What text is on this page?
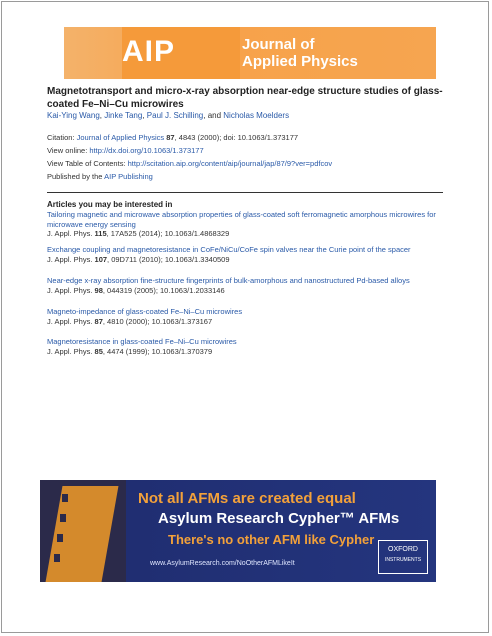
AIP	Journal of
Applied Physics
Magnetotransport and micro-x-ray absorption near-edge structure studies of glass-coated Fe–Ni–Cu microwires
Kai-Ying Wang, Jinke Tang, Paul J. Schilling, and Nicholas Moelders
Citation: Journal of Applied Physics 87, 4843 (2000); doi: 10.1063/1.373177
View online: http://dx.doi.org/10.1063/1.373177
View Table of Contents: http://scitation.aip.org/content/aip/journal/jap/87/9?ver=pdfcov
Published by the AIP Publishing
Articles you may be interested in
Tailoring magnetic and microwave absorption properties of glass-coated soft ferromagnetic amorphous microwires for microwave energy sensing
J. Appl. Phys. 115, 17A525 (2014); 10.1063/1.4868329
Exchange coupling and magnetoresistance in CoFe/NiCu/CoFe spin valves near the Curie point of the spacer
J. Appl. Phys. 107, 09D711 (2010); 10.1063/1.3340509
Near-edge x-ray absorption fine-structure fingerprints of bulk-amorphous and nanostructured Pd-based alloys
J. Appl. Phys. 98, 044319 (2005); 10.1063/1.2033146
Magneto-impedance of glass-coated Fe–Ni–Cu microwires
J. Appl. Phys. 87, 4810 (2000); 10.1063/1.373167
Magnetoresistance in glass-coated Fe–Ni–Cu microwires
J. Appl. Phys. 85, 4474 (1999); 10.1063/1.370379
Not all AFMs are created equal
Asylum Research Cypher™ AFMs
There's no other AFM like Cypher
www.AsylumResearch.com/NoOtherAFMLikeIt
OXFORD
INSTRUMENTS
